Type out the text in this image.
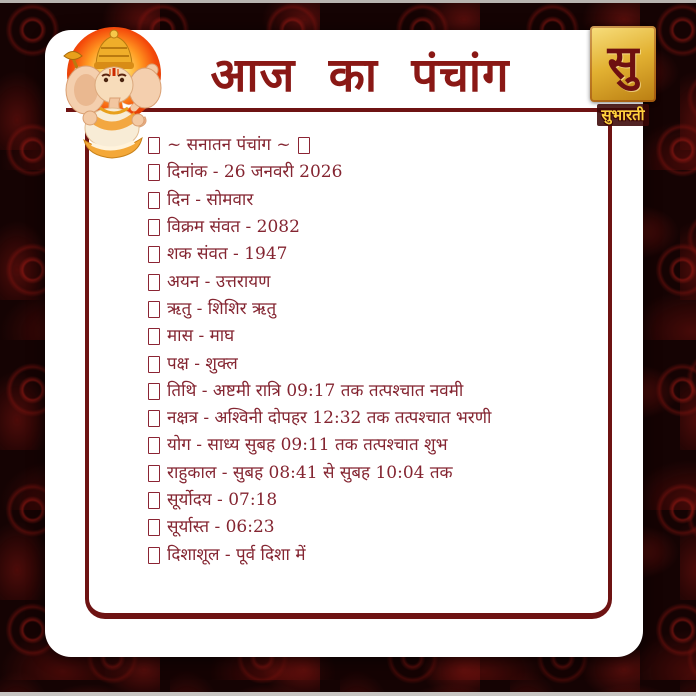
आज का पंचांग	सु
सुभारती
~ सनातन पंचांग ~
दिनांक - 26 जनवरी 2026
दिन - सोमवार
विक्रम संवत - 2082
शक संवत - 1947
अयन - उत्तरायण
ऋतु - शिशिर ऋतु
मास - माघ
पक्ष - शुक्ल
तिथि - अष्टमी रात्रि 09:17 तक तत्पश्चात नवमी
नक्षत्र - अश्विनी दोपहर 12:32 तक तत्पश्चात भरणी
योग - साध्य सुबह 09:11 तक तत्पश्चात शुभ
राहुकाल - सुबह 08:41 से सुबह 10:04 तक
सूर्योदय - 07:18
सूर्यास्त - 06:23
दिशाशूल - पूर्व दिशा में
